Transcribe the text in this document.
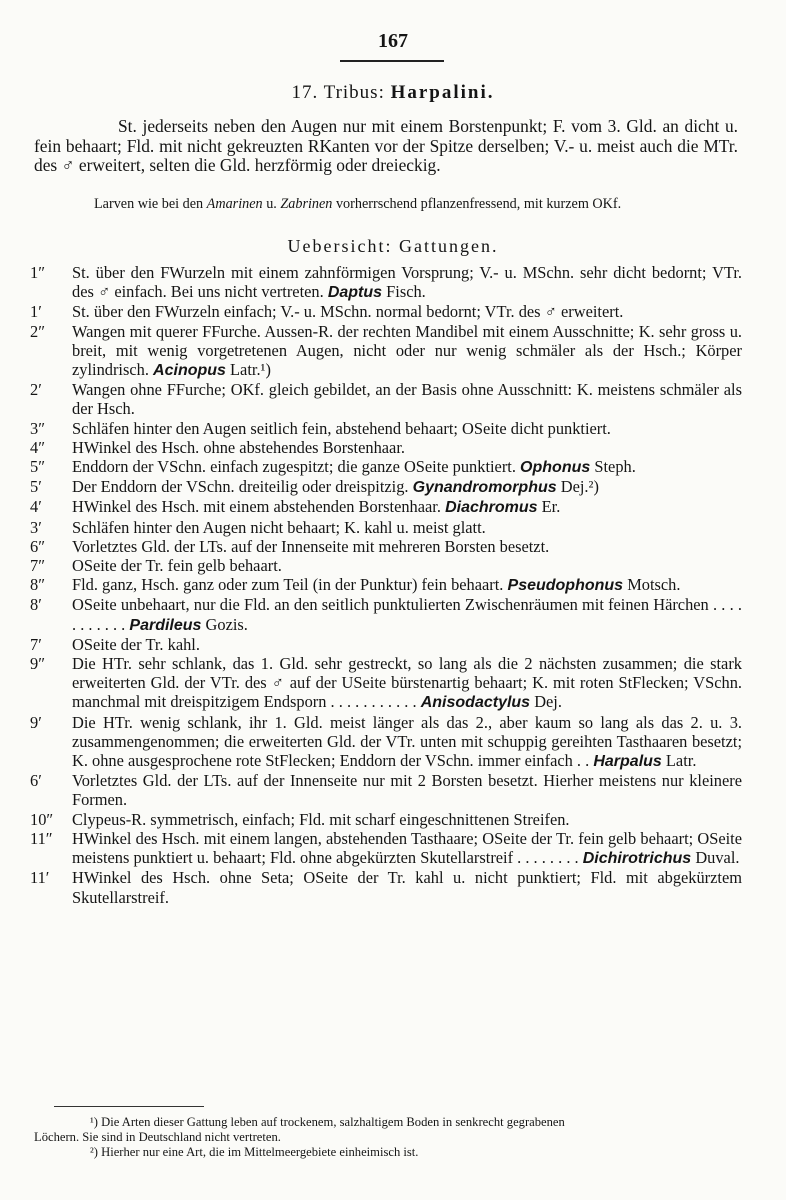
167
17. Tribus: Harpalini.
St. jederseits neben den Augen nur mit einem Borstenpunkt; F. vom 3. Gld. an dicht u. fein behaart; Fld. mit nicht gekreuzten RKanten vor der Spitze derselben; V.- u. meist auch die MTr. des ♂ erweitert, selten die Gld. herzförmig oder dreieckig.
Larven wie bei den Amarinen u. Zabrinen vorherrschend pflanzenfressend, mit kurzem OKf.
Uebersicht: Gattungen.
1″	St. über den FWurzeln mit einem zahnförmigen Vorsprung; V.- u. MSchn. sehr dicht bedornt; VTr. des ♂ einfach. Bei uns nicht vertreten. Daptus Fisch.

1′	St. über den FWurzeln einfach; V.- u. MSchn. normal bedornt; VTr. des ♂ erweitert.

2″	Wangen mit querer FFurche. Aussen-R. der rechten Mandibel mit einem Ausschnitte; K. sehr gross u. breit, mit wenig vorgetretenen Augen, nicht oder nur wenig schmäler als der Hsch.; Körper zylindrisch. Acinopus Latr.¹)

2′	Wangen ohne FFurche; OKf. gleich gebildet, an der Basis ohne Ausschnitt: K. meistens schmäler als der Hsch.

3″	Schläfen hinter den Augen seitlich fein, abstehend behaart; OSeite dicht punktiert.

4″	HWinkel des Hsch. ohne abstehendes Borstenhaar.

5″	Enddorn der VSchn. einfach zugespitzt; die ganze OSeite punktiert. Ophonus Steph.

5′	Der Enddorn der VSchn. dreiteilig oder dreispitzig. Gynandromorphus Dej.²)

4′	HWinkel des Hsch. mit einem abstehenden Borstenhaar. Diachromus Er.

3′	Schläfen hinter den Augen nicht behaart; K. kahl u. meist glatt.

6″	Vorletztes Gld. der LTs. auf der Innenseite mit mehreren Borsten besetzt.

7″	OSeite der Tr. fein gelb behaart.

8″	Fld. ganz, Hsch. ganz oder zum Teil (in der Punktur) fein behaart. Pseudophonus Motsch.

8′	OSeite unbehaart, nur die Fld. an den seitlich punktulierten Zwischenräumen mit feinen Härchen . . . . . . . . . . . Pardileus Gozis.

7′	OSeite der Tr. kahl.

9″	Die HTr. sehr schlank, das 1. Gld. sehr gestreckt, so lang als die 2 nächsten zusammen; die stark erweiterten Gld. der VTr. des ♂ auf der USeite bürstenartig behaart; K. mit roten StFlecken; VSchn. manchmal mit dreispitzigem Endsporn . . . . . . . . . . . Anisodactylus Dej.

9′	Die HTr. wenig schlank, ihr 1. Gld. meist länger als das 2., aber kaum so lang als das 2. u. 3. zusammengenommen; die erweiterten Gld. der VTr. unten mit schuppig gereihten Tasthaaren besetzt; K. ohne ausgesprochene rote StFlecken; Enddorn der VSchn. immer einfach . . Harpalus Latr.

6′	Vorletztes Gld. der LTs. auf der Innenseite nur mit 2 Borsten besetzt. Hierher meistens nur kleinere Formen.

10″	Clypeus-R. symmetrisch, einfach; Fld. mit scharf eingeschnittenen Streifen.

11″	HWinkel des Hsch. mit einem langen, abstehenden Tasthaare; OSeite der Tr. fein gelb behaart; OSeite meistens punktiert u. behaart; Fld. ohne abgekürzten Skutellarstreif . . . . . . . . Dichirotrichus Duval.

11′	HWinkel des Hsch. ohne Seta; OSeite der Tr. kahl u. nicht punktiert; Fld. mit abgekürztem Skutellarstreif.

¹) Die Arten dieser Gattung leben auf trockenem, salzhaltigem Boden in senkrecht gegrabenen

Löchern. Sie sind in Deutschland nicht vertreten.

²) Hierher nur eine Art, die im Mittelmeergebiete einheimisch ist.
